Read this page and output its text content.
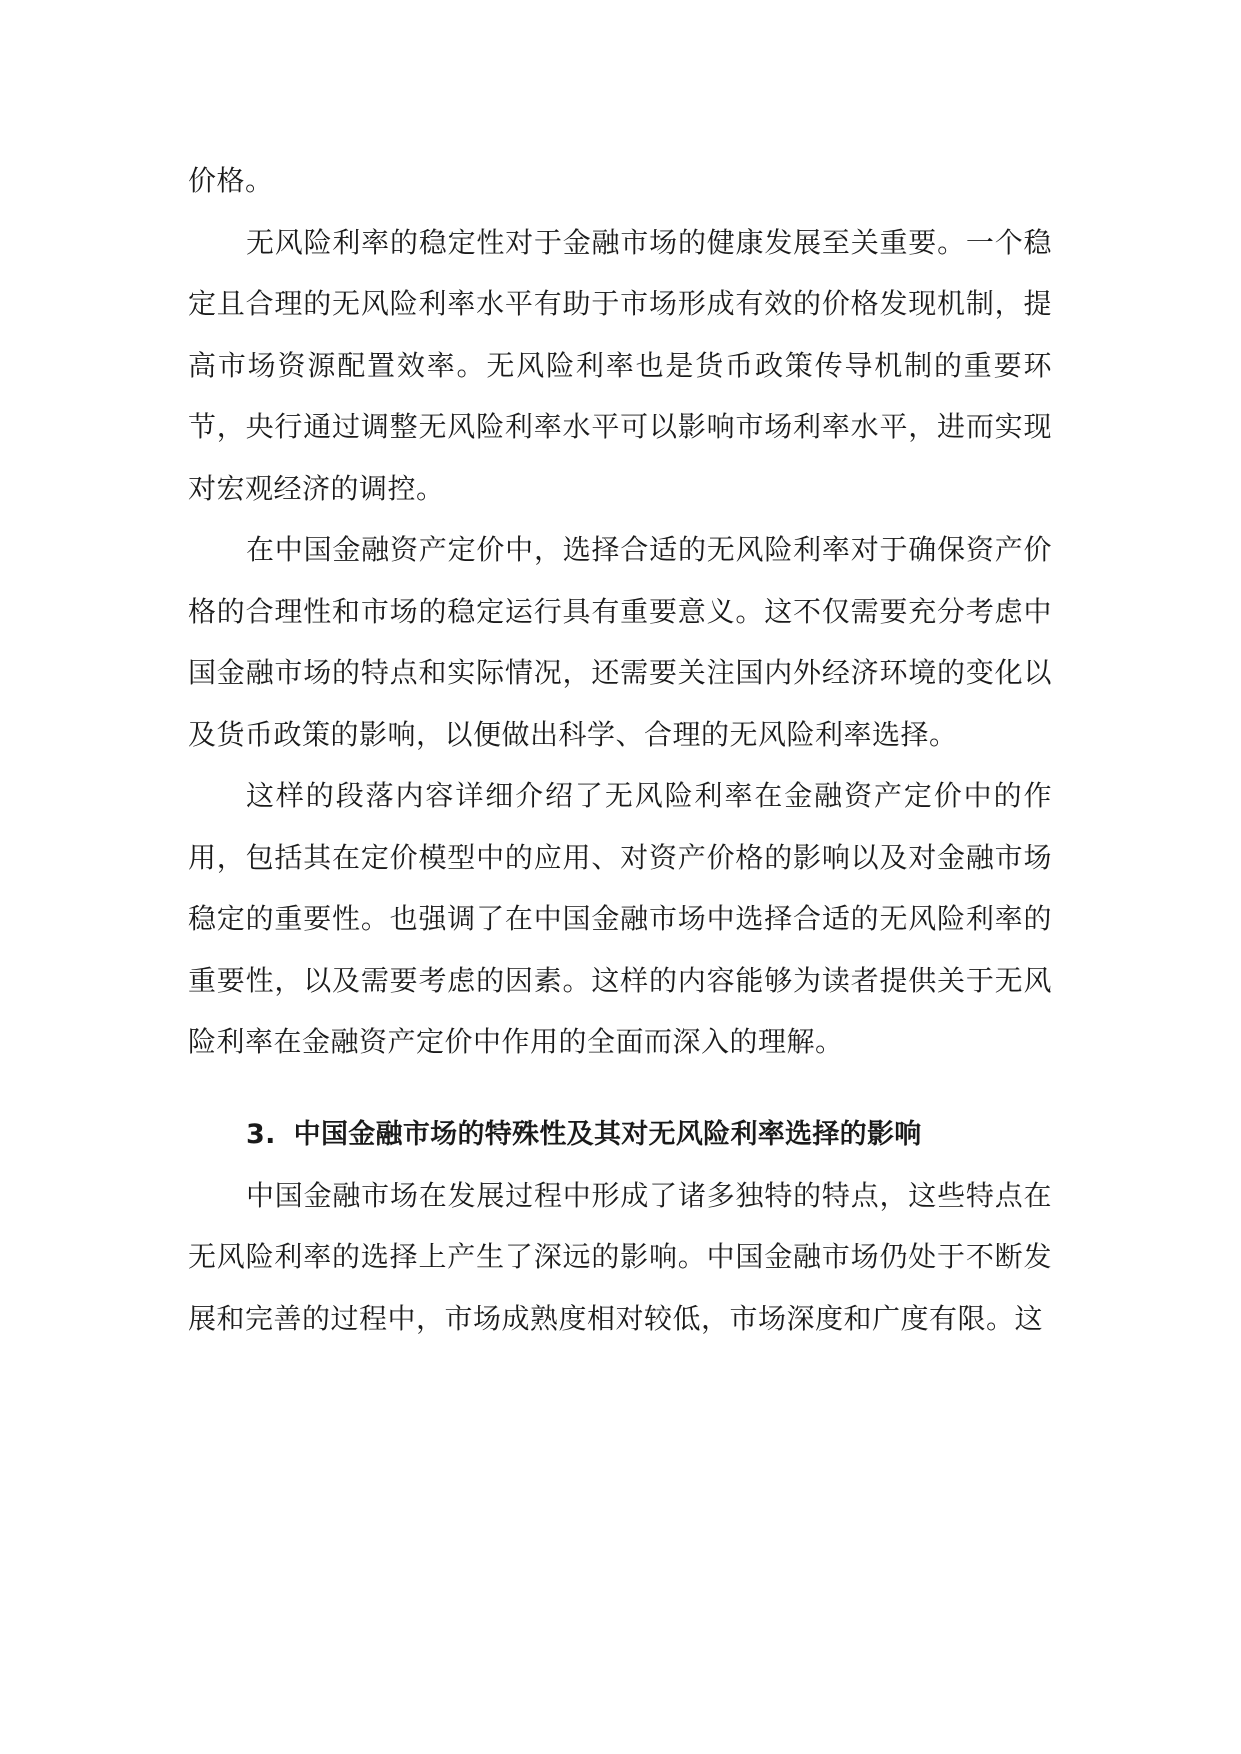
价格。

无风险利率的稳定性对于金融市场的健康发展至关重要。一个稳定且合理的无风险利率水平有助于市场形成有效的价格发现机制，提高市场资源配置效率。无风险利率也是货币政策传导机制的重要环节，央行通过调整无风险利率水平可以影响市场利率水平，进而实现对宏观经济的调控。

在中国金融资产定价中，选择合适的无风险利率对于确保资产价格的合理性和市场的稳定运行具有重要意义。这不仅需要充分考虑中国金融市场的特点和实际情况，还需要关注国内外经济环境的变化以及货币政策的影响，以便做出科学、合理的无风险利率选择。

这样的段落内容详细介绍了无风险利率在金融资产定价中的作用，包括其在定价模型中的应用、对资产价格的影响以及对金融市场稳定的重要性。也强调了在中国金融市场中选择合适的无风险利率的重要性，以及需要考虑的因素。这样的内容能够为读者提供关于无风险利率在金融资产定价中作用的全面而深入的理解。

3. 中国金融市场的特殊性及其对无风险利率选择的影响

中国金融市场在发展过程中形成了诸多独特的特点，这些特点在无风险利率的选择上产生了深远的影响。中国金融市场仍处于不断发展和完善的过程中，市场成熟度相对较低，市场深度和广度有限。这
